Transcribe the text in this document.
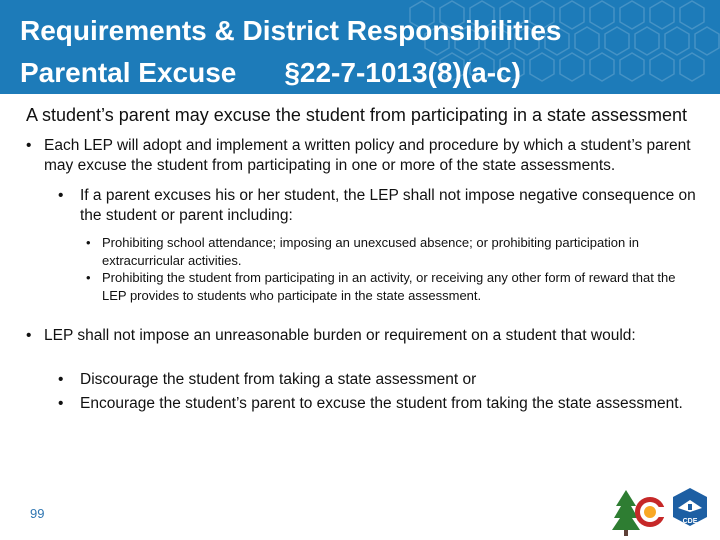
Requirements & District Responsibilities
Parental Excuse §22-7-1013(8)(a-c)

A student’s parent may excuse the student from participating in a state assessment

• Each LEP will adopt and implement a written policy and procedure by which a student’s parent may excuse the student from participating in one or more of the state assessments.
• If a parent excuses his or her student, the LEP shall not impose negative consequence on the student or parent including:
• Prohibiting school attendance; imposing an unexcused absence; or prohibiting participation in extracurricular activities.
• Prohibiting the student from participating in an activity, or receiving any other form of reward that the LEP provides to students who participate in the state assessment.
• LEP shall not impose an unreasonable burden or requirement on a student that would:
• Discourage the student from taking a state assessment or
• Encourage the student’s parent to excuse the student from taking the state assessment.
99
CDE
